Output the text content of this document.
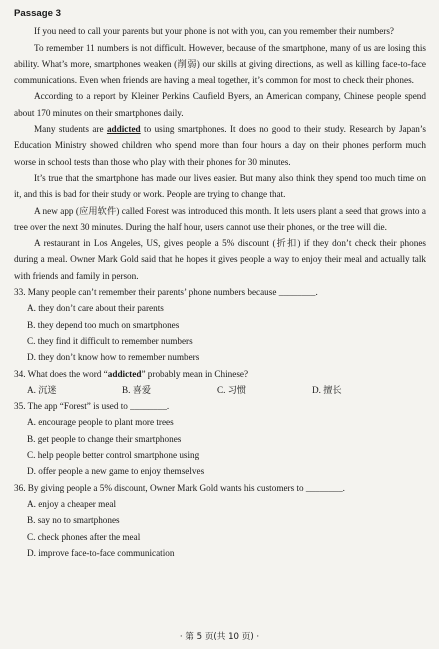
Passage 3

If you need to call your parents but your phone is not with you, can you remember their numbers?

To remember 11 numbers is not difficult. However, because of the smartphone, many of us are losing this ability. What’s more, smartphones weaken (削弱) our skills at giving directions, as well as killing face-to-face communications. Even when friends are having a meal together, it’s common for most to check their phones.

According to a report by Kleiner Perkins Caufield Byers, an American company, Chinese people spend about 170 minutes on their smartphones daily.

Many students are addicted to using smartphones. It does no good to their study. Research by Japan’s Education Ministry showed children who spend more than four hours a day on their phones perform much worse in school tests than those who play with their phones for 30 minutes.

It’s true that the smartphone has made our lives easier. But many also think they spend too much time on it, and this is bad for their study or work. People are trying to change that.

A new app (应用软件) called Forest was introduced this month. It lets users plant a seed that grows into a tree over the next 30 minutes. During the half hour, users cannot use their phones, or the tree will die.

A restaurant in Los Angeles, US, gives people a 5% discount (折扣) if they don’t check their phones during a meal. Owner Mark Gold said that he hopes it gives people a way to enjoy their meal and actually talk with friends and family in person.

33. Many people can’t remember their parents’ phone numbers because ________.
A. they don’t care about their parents
B. they depend too much on smartphones
C. they find it difficult to remember numbers
D. they don’t know how to remember numbers
34. What does the word “addicted” probably mean in Chinese?
A. 沉迷	B. 喜爱	C. 习惯	D. 擅长
35. The app “Forest” is used to ________.
A. encourage people to plant more trees
B. get people to change their smartphones
C. help people better control smartphone using
D. offer people a new game to enjoy themselves
36. By giving people a 5% discount, Owner Mark Gold wants his customers to ________.
A. enjoy a cheaper meal
B. say no to smartphones
C. check phones after the meal
D. improve face-to-face communication
· 第 5 页(共 10 页) ·
